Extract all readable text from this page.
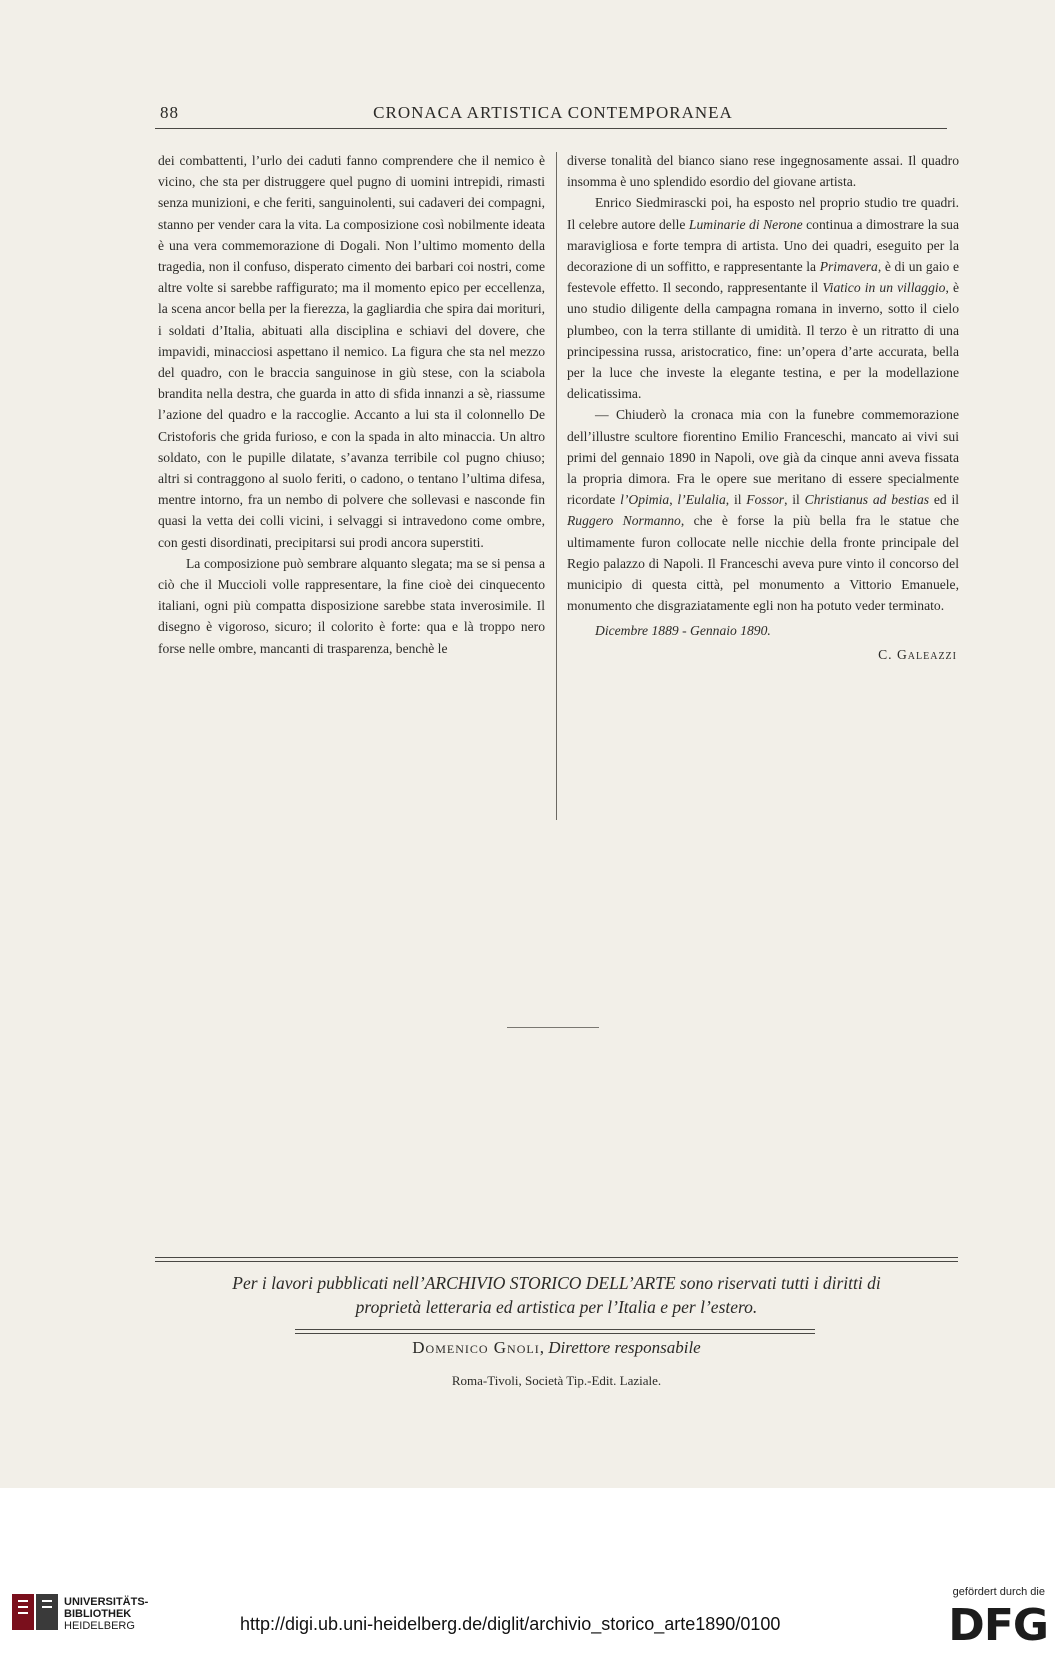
88	CRONACA ARTISTICA CONTEMPORANEA

dei combattenti, l’urlo dei caduti fanno comprendere che il nemico è vicino, che sta per distruggere quel pugno di uomini intrepidi, rimasti senza munizioni, e che feriti, sanguinolenti, sui cadaveri dei compagni, stanno per vender cara la vita. La composizione così nobilmente ideata è una vera commemorazione di Dogali. Non l’ultimo momento della tragedia, non il confuso, disperato cimento dei barbari coi nostri, come altre volte si sarebbe raffigurato; ma il momento epico per eccellenza, la scena ancor bella per la fierezza, la gagliardia che spira dai morituri, i soldati d’Italia, abituati alla disciplina e schiavi del dovere, che impavidi, minacciosi aspettano il nemico. La figura che sta nel mezzo del quadro, con le braccia sanguinose in giù stese, con la sciabola brandita nella destra, che guarda in atto di sfida innanzi a sè, riassume l’azione del quadro e la raccoglie. Accanto a lui sta il colonnello De Cristoforis che grida furioso, e con la spada in alto minaccia. Un altro soldato, con le pupille dilatate, s’avanza terribile col pugno chiuso; altri si contraggono al suolo feriti, o cadono, o tentano l’ultima difesa, mentre intorno, fra un nembo di polvere che sollevasi e nasconde fin quasi la vetta dei colli vicini, i selvaggi si intravedono come ombre, con gesti disordinati, precipitarsi sui prodi ancora superstiti.

La composizione può sembrare alquanto slegata; ma se si pensa a ciò che il Muccioli volle rappresentare, la fine cioè dei cinquecento italiani, ogni più compatta disposizione sarebbe stata inverosimile. Il disegno è vigoroso, sicuro; il colorito è forte: qua e là troppo nero forse nelle ombre, mancanti di trasparenza, benchè le

diverse tonalità del bianco siano rese ingegnosamente assai. Il quadro insomma è uno splendido esordio del giovane artista.

Enrico Siedmirascki poi, ha esposto nel proprio studio tre quadri. Il celebre autore delle Luminarie di Nerone continua a dimostrare la sua maravigliosa e forte tempra di artista. Uno dei quadri, eseguito per la decorazione di un soffitto, e rappresentante la Primavera, è di un gaio e festevole effetto. Il secondo, rappresentante il Viatico in un villaggio, è uno studio diligente della campagna romana in inverno, sotto il cielo plumbeo, con la terra stillante di umidità. Il terzo è un ritratto di una principessina russa, aristocratico, fine: un’opera d’arte accurata, bella per la luce che investe la elegante testina, e per la modellazione delicatissima.

— Chiuderò la cronaca mia con la funebre commemorazione dell’illustre scultore fiorentino Emilio Franceschi, mancato ai vivi sui primi del gennaio 1890 in Napoli, ove già da cinque anni aveva fissata la propria dimora. Fra le opere sue meritano di essere specialmente ricordate l’Opimia, l’Eulalia, il Fossor, il Christianus ad bestias ed il Ruggero Normanno, che è forse la più bella fra le statue che ultimamente furon collocate nelle nicchie della fronte principale del Regio palazzo di Napoli. Il Franceschi aveva pure vinto il concorso del municipio di questa città, pel monumento a Vittorio Emanuele, monumento che disgraziatamente egli non ha potuto veder terminato.

Dicembre 1889 - Gennaio 1890.

C. Galeazzi

Per i lavori pubblicati nell’ARCHIVIO STORICO DELL’ARTE sono riservati tutti i diritti di
proprietà letteraria ed artistica per l’Italia e per l’estero.
Domenico Gnoli, Direttore responsabile
Roma-Tivoli, Società Tip.-Edit. Laziale.
UNIVERSITÄTS-
BIBLIOTHEK
HEIDELBERG	http://digi.ub.uni-heidelberg.de/diglit/archivio_storico_arte1890/0100
gefördert durch die
DFG
